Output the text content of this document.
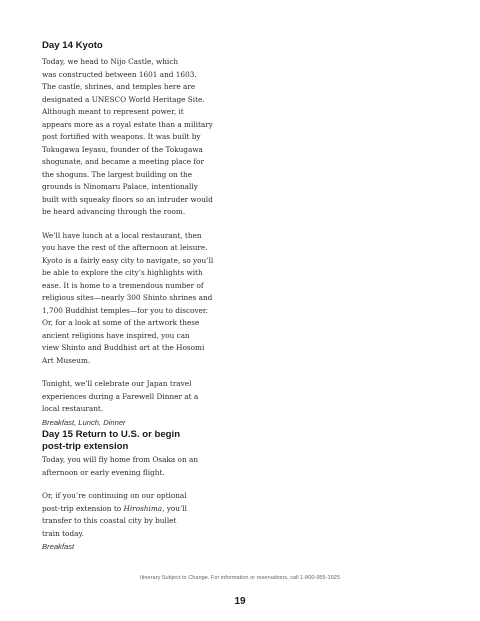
Day 14 Kyoto

Today, we head to Nijo Castle, which
was constructed between 1601 and 1603.
The castle, shrines, and temples here are
designated a UNESCO World Heritage Site.
Although meant to represent power, it
appears more as a royal estate than a military
post fortified with weapons. It was built by
Tokugawa Ieyasu, founder of the Tokugawa
shogunate, and became a meeting place for
the shoguns. The largest building on the
grounds is Ninomaru Palace, intentionally
built with squeaky floors so an intruder would
be heard advancing through the room.
We’ll have lunch at a local restaurant, then
you have the rest of the afternoon at leisure.
Kyoto is a fairly easy city to navigate, so you’ll
be able to explore the city’s highlights with
ease. It is home to a tremendous number of
religious sites—nearly 300 Shinto shrines and
1,700 Buddhist temples—for you to discover.
Or, for a look at some of the artwork these
ancient religions have inspired, you can
view Shinto and Buddhist art at the Hosomi
Art Museum.
Tonight, we’ll celebrate our Japan travel
experiences during a Farewell Dinner at a
local restaurant.

Breakfast, Lunch, Dinner

Day 15 Return to U.S. or begin

post-trip extension

Today, you will fly home from Osaka on an
afternoon or early evening flight.
Or, if you’re continuing on our optional
post-trip extension to Hiroshima, you’ll
transfer to this coastal city by bullet
train today.

Breakfast

Itinerary Subject to Change. For information or reservations, call 1-800-955-1925
19
